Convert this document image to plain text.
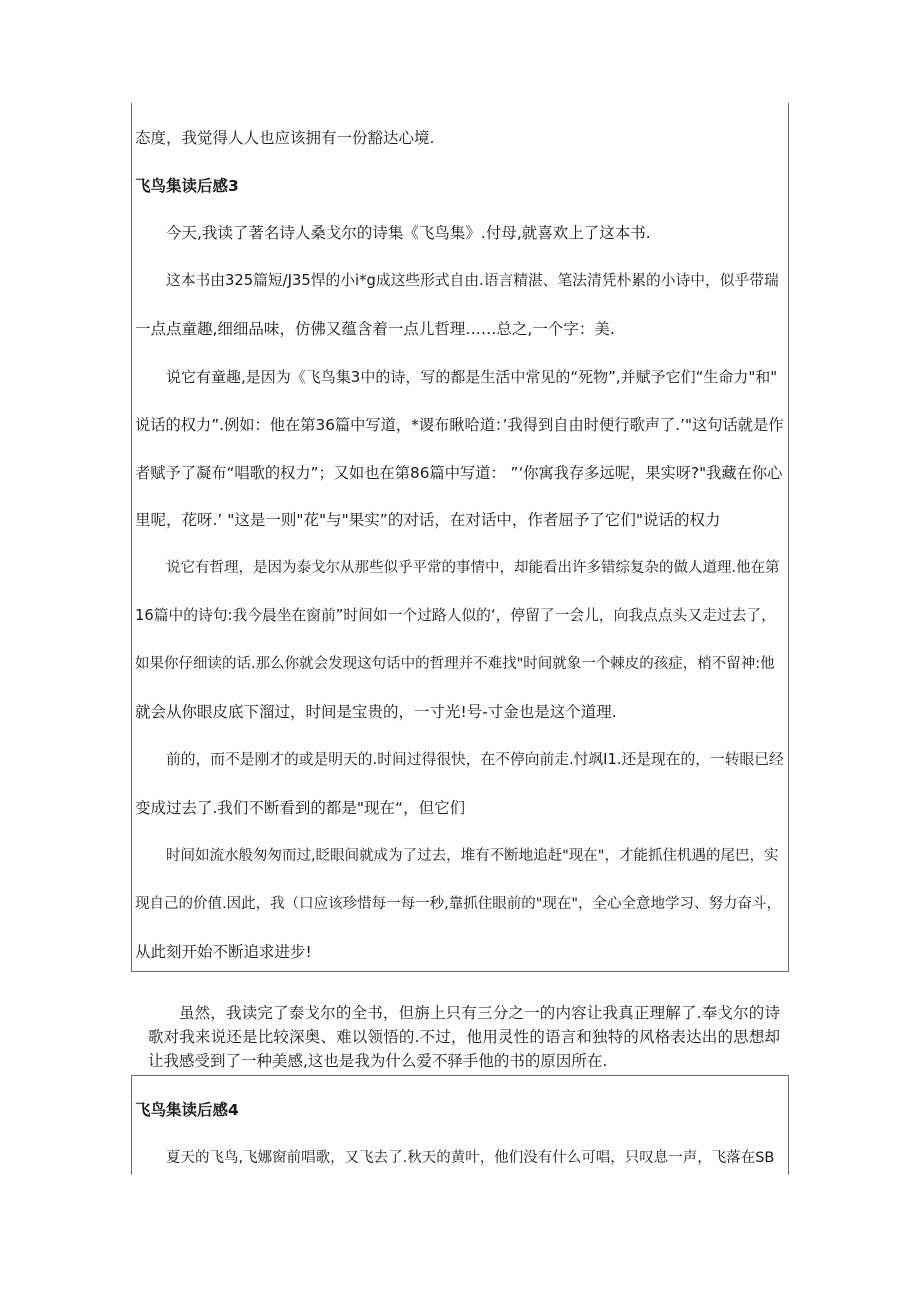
态度，我觉得人人也应该拥有一份豁达心境.

飞鸟集读后感3

今天,我读了著名诗人桑戈尔的诗集《飞鸟集》.付母,就喜欢上了这本书.

这本书由325篇短/J35悍的小i*g成这些形式自由.语言精湛、笔法清凭朴累的小诗中，似乎带瑞

一点点童趣,细细品味，仿佛又蕴含着一点儿哲理……总之,一个字：美.

说它有童趣,是因为《飞鸟集3中的诗，写的都是生活中常见的“死物”,并赋予它们“生命力"和"

说话的权力”.例如：他在第36篇中写道，*谡布瞅哈道：’我得到自由时便行歌声了.’"这句话就是作

者赋予了凝布“唱歌的权力”；又如也在第86篇中写道： ”‘你寓我存多远呢，果实呀?"我藏在你心

里呢，花呀.’ "这是一则"花"与"果实”的对话，在对话中，作者屈予了它们"说话的权力

说它有哲理，是因为泰戈尔从那些似乎平常的事情中，却能看出许多错综复杂的做人道理.他在第

16篇中的诗句:我今晨坐在窗前”时间如一个过路人似的‘，停留了一会儿，向我点点头又走过去了，

如果你仔细读的话.那么你就会发现这句话中的哲理并不难找"时间就象一个棘皮的孩症，梢不留神:他

就会从你眼皮底下溜过，时间是宝贵的，一寸光!号-寸金也是这个道理.

前的，而不是刚才的或是明天的.时间过得很快，在不停向前走.忖飒I1.还是现在的，一转眼已经

变成过去了.我们不断看到的都是"现在“，但它们

时间如流水般匆匆而过,眨眼间就成为了过去，堆有不断地追赶"现在"，才能抓住机遇的尾巴，实

现自己的价值.因此，我（口应该珍惜每一每一秒,靠抓住眼前的"现在"，全心全意地学习、努力奋斗，

从此刻开始不断追求进步!

虽然，我读完了泰戈尔的全书，但旃上只有三分之一的内容让我真正理解了.奉戈尔的诗歌对我来说还是比较深奥、难以领悟的.不过，他用灵性的语言和独特的风格表达出的思想却让我感受到了一种美感,这也是我为什么爱不驿手他的书的原因所在.

飞鸟集读后感4

夏天的飞鸟,飞娜窗前唱歌，又飞去了.秋天的黄叶，他们没有什么可唱，只叹息一声，飞落在SB
